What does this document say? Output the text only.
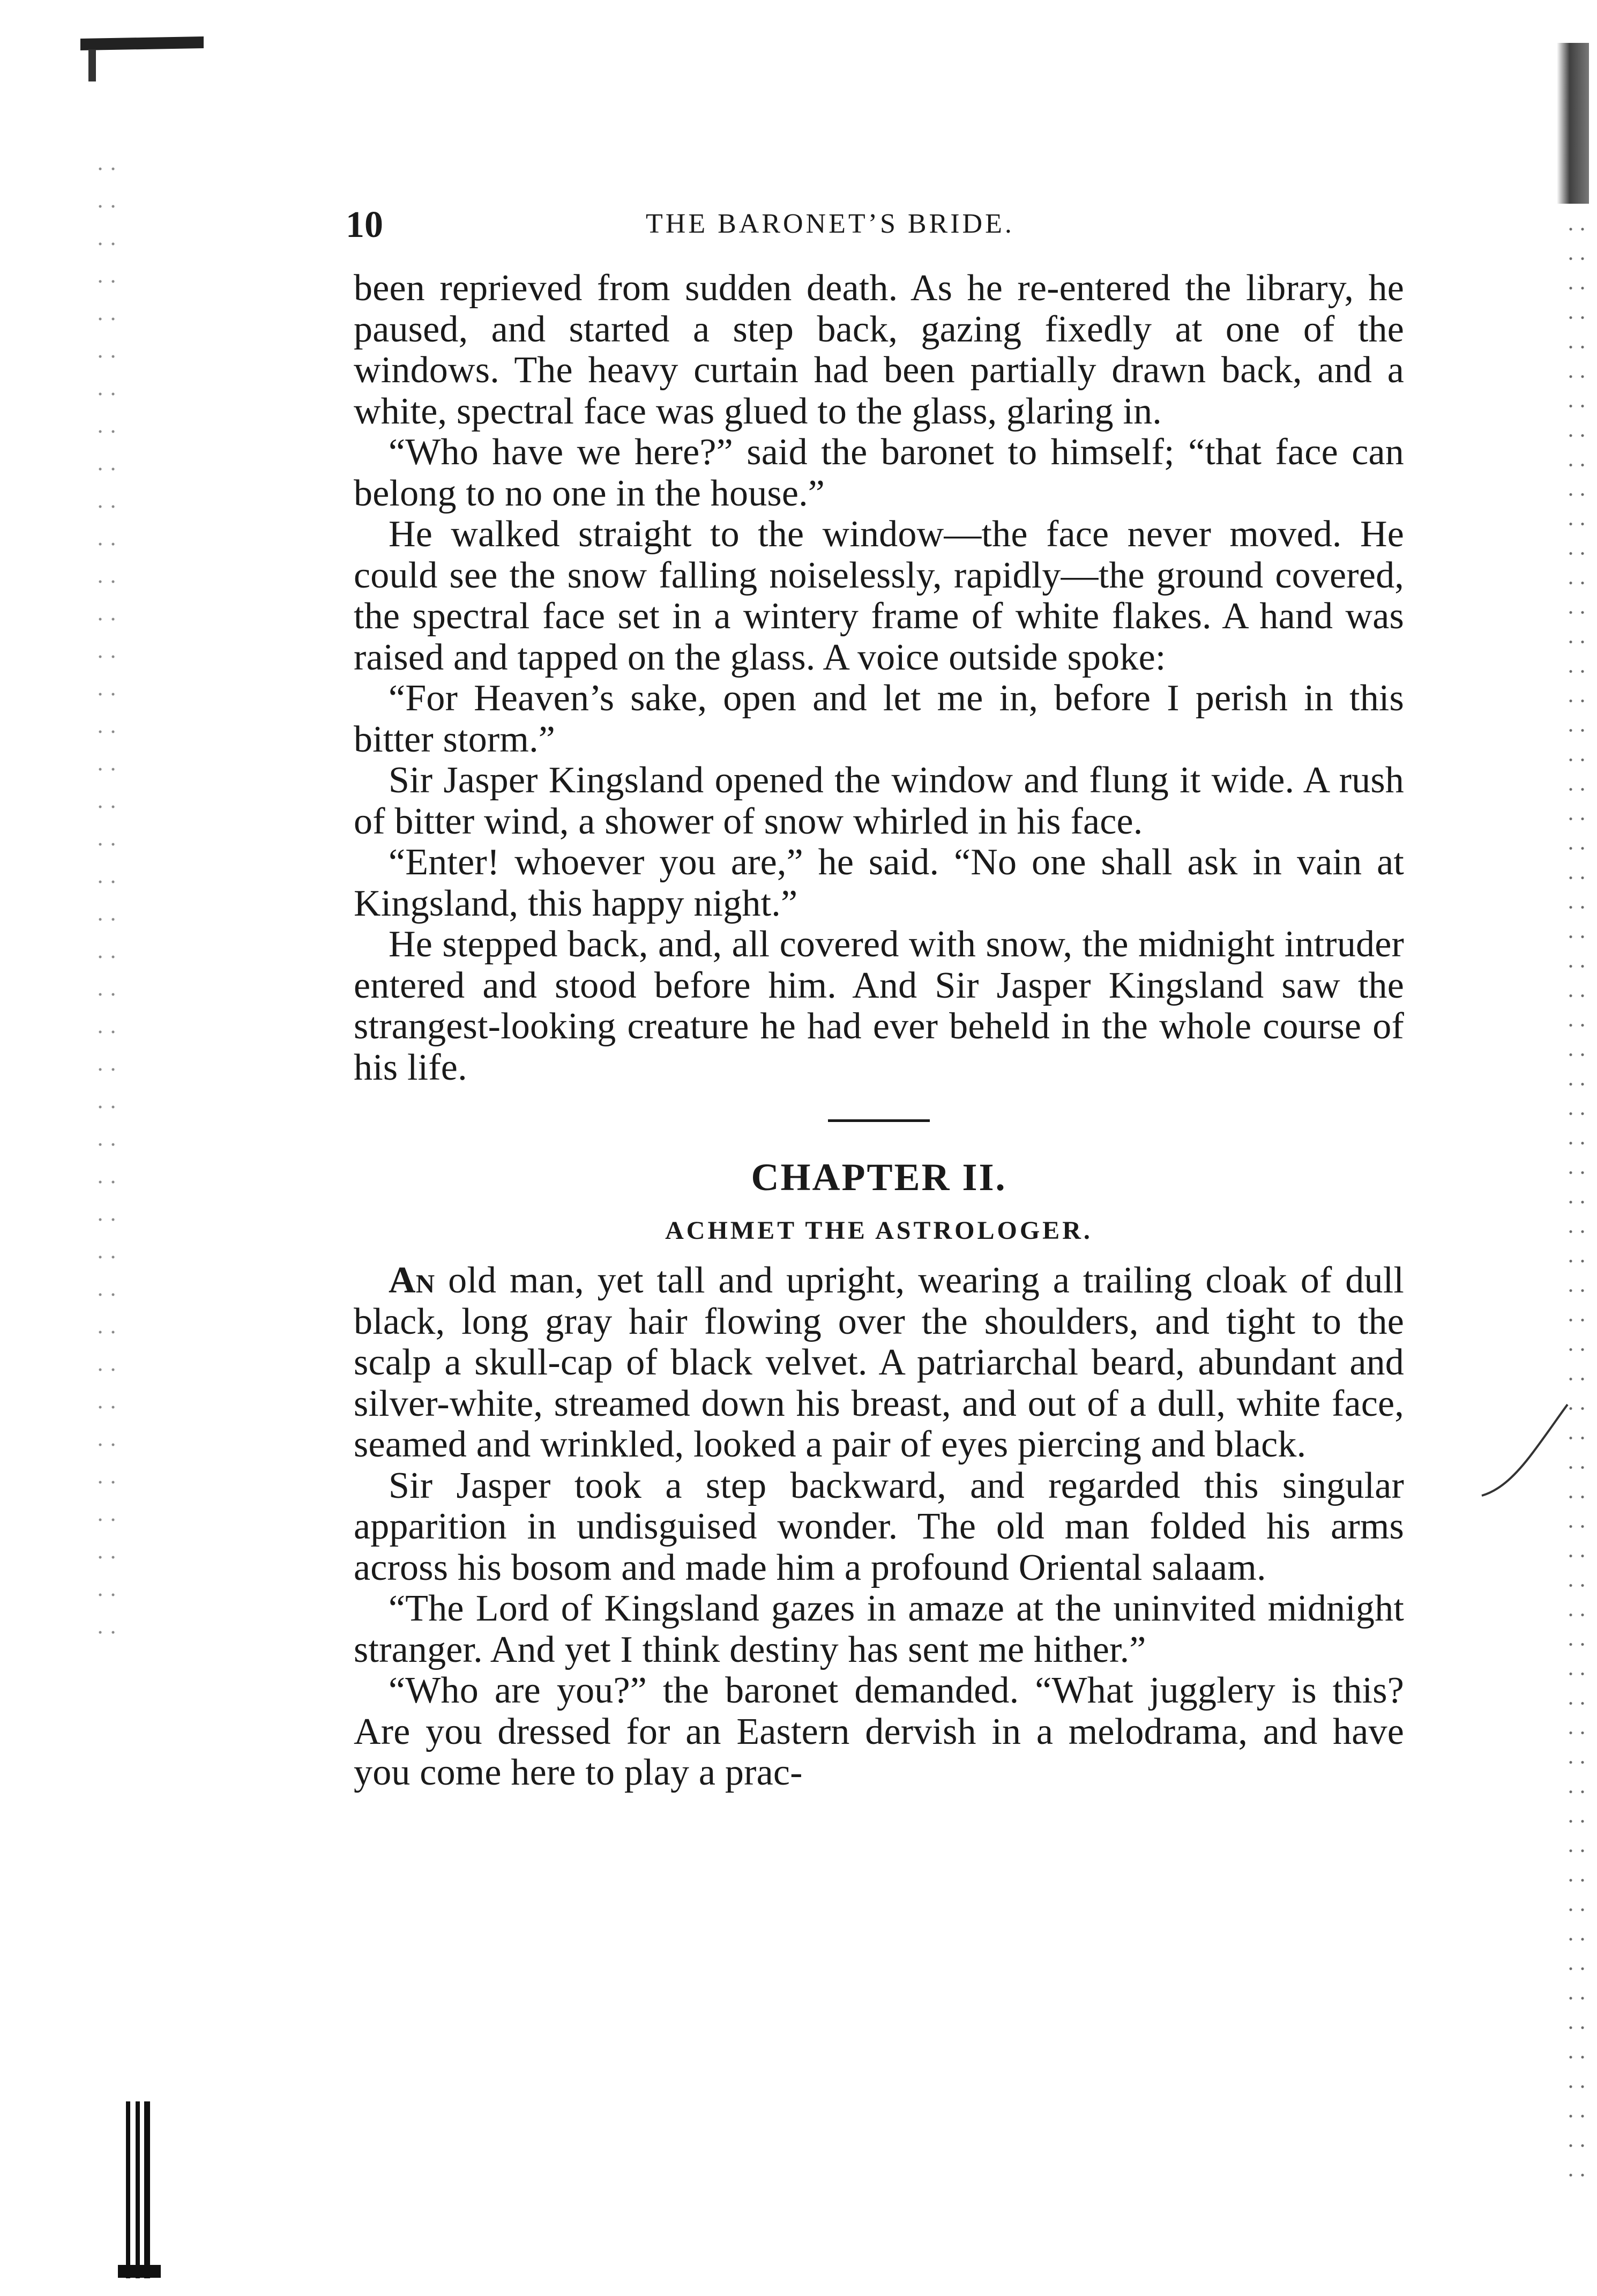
10	THE BARONET’S BRIDE.

been reprieved from sudden death. As he re-entered the library, he paused, and started a step back, gazing fixedly at one of the windows. The heavy curtain had been partially drawn back, and a white, spectral face was glued to the glass, glaring in.

“Who have we here?” said the baronet to himself; “that face can belong to no one in the house.”

He walked straight to the window—the face never moved. He could see the snow falling noiselessly, rapidly—the ground covered, the spectral face set in a wintery frame of white flakes. A hand was raised and tapped on the glass. A voice outside spoke:

“For Heaven’s sake, open and let me in, before I perish in this bitter storm.”

Sir Jasper Kingsland opened the window and flung it wide. A rush of bitter wind, a shower of snow whirled in his face.

“Enter! whoever you are,” he said. “No one shall ask in vain at Kingsland, this happy night.”

He stepped back, and, all covered with snow, the midnight intruder entered and stood before him. And Sir Jasper Kingsland saw the strangest-looking creature he had ever beheld in the whole course of his life.

CHAPTER II.
ACHMET THE ASTROLOGER.

An old man, yet tall and upright, wearing a trailing cloak of dull black, long gray hair flowing over the shoulders, and tight to the scalp a skull-cap of black velvet. A patriarchal beard, abundant and silver-white, streamed down his breast, and out of a dull, white face, seamed and wrinkled, looked a pair of eyes piercing and black.

Sir Jasper took a step backward, and regarded this singular apparition in undisguised wonder. The old man folded his arms across his bosom and made him a profound Oriental salaam.

“The Lord of Kingsland gazes in amaze at the uninvited midnight stranger. And yet I think destiny has sent me hither.”

“Who are you?” the baronet demanded. “What jugglery is this? Are you dressed for an Eastern dervish in a melodrama, and have you come here to play a prac-
